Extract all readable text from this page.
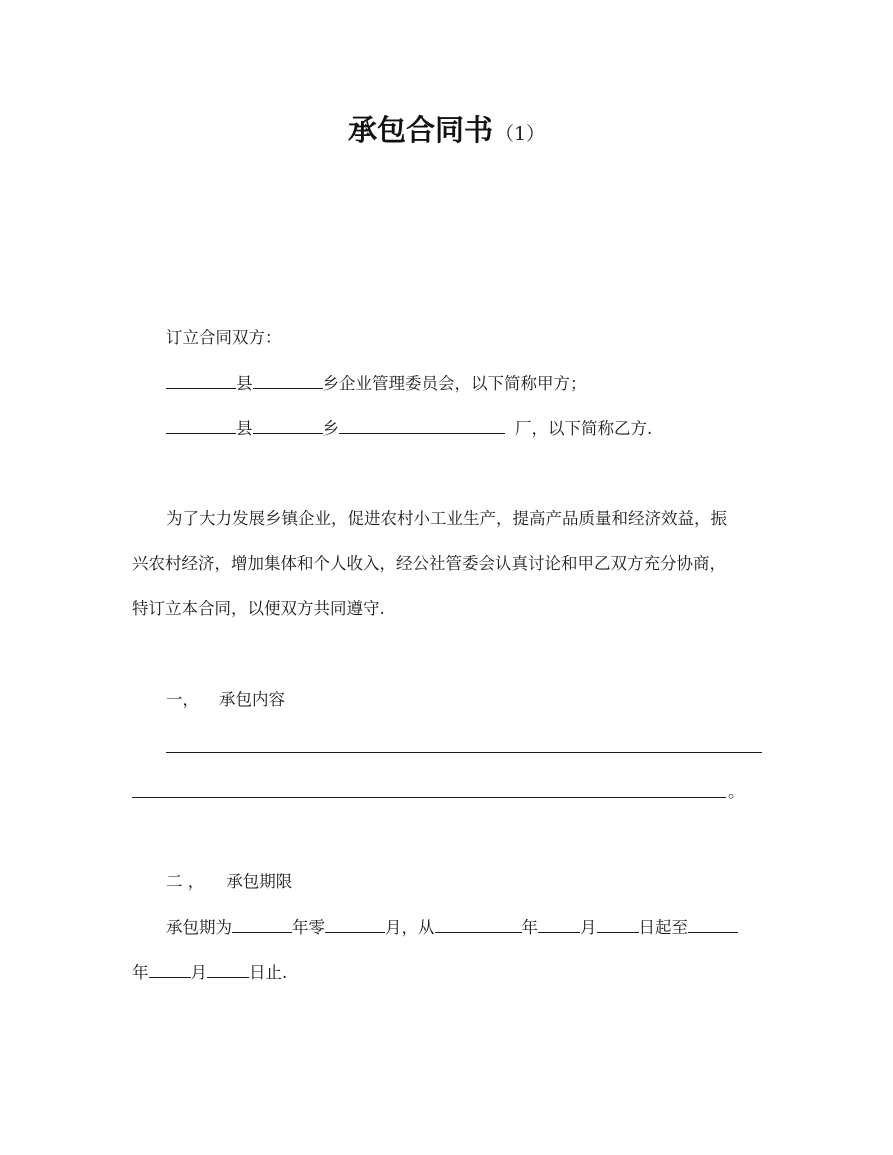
承包合同书 （1）
订立合同双方：
县	乡企业管理委员会，以下简称甲方；
县	乡	厂，以下简称乙方.
为了大力发展乡镇企业，促进农村小工业生产，提高产品质量和经济效益，振
兴农村经济，增加集体和个人收入，经公社管委会认真讨论和甲乙双方充分协商，
特订立本合同，以便双方共同遵守.
一， 承包内容
。
二 ， 承包期限
承包期为	年零	月，从	年	月	日起至
年	月	日止.
